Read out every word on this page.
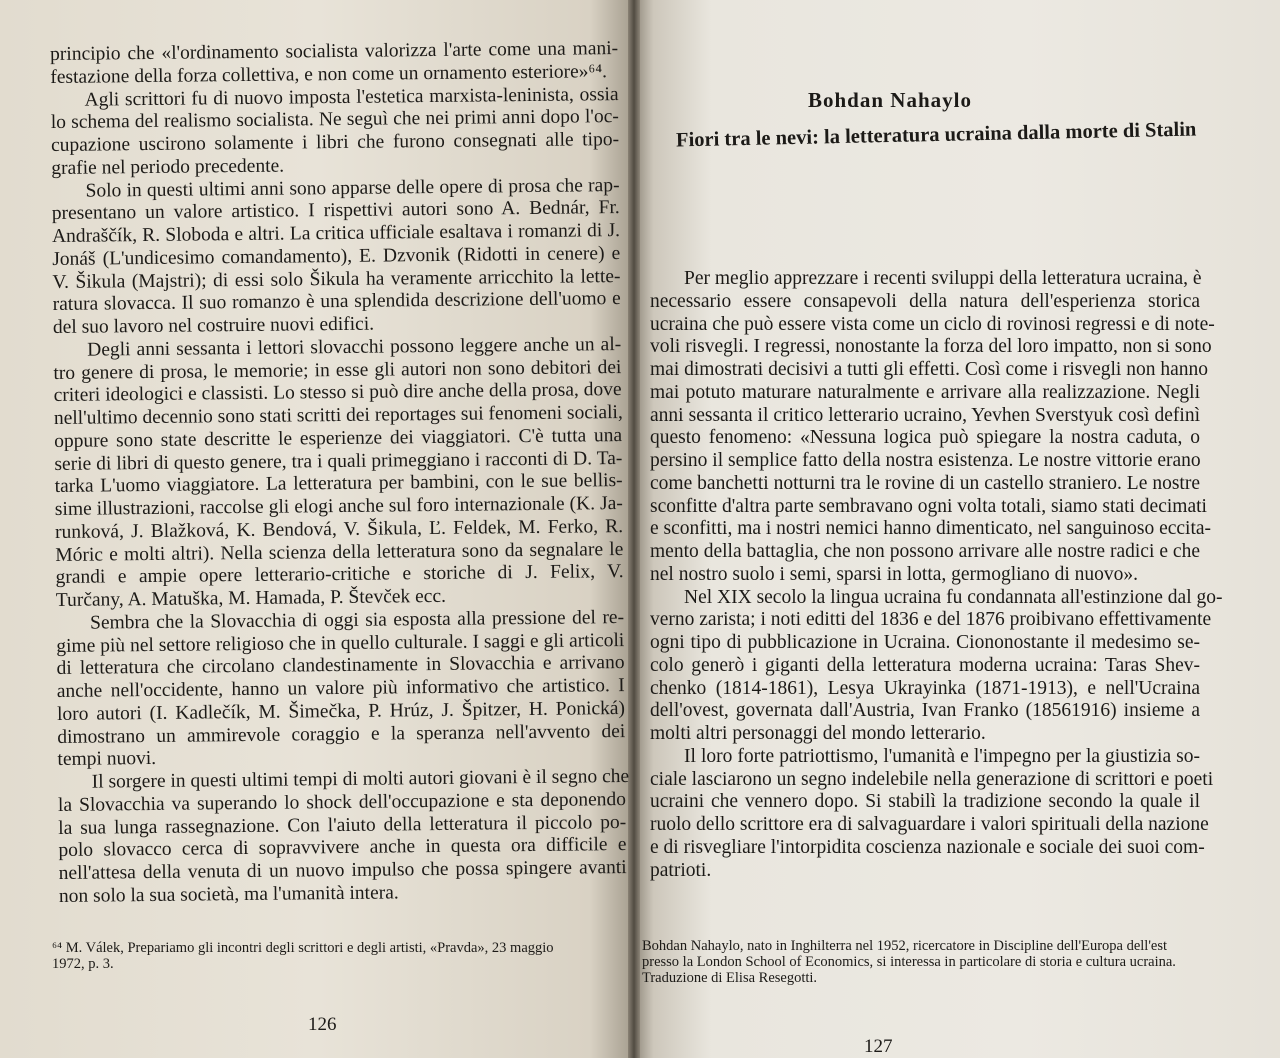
principio che «l'ordinamento socialista valorizza l'arte come una mani-
festazione della forza collettiva, e non come un ornamento esteriore»⁶⁴.
Agli scrittori fu di nuovo imposta l'estetica marxista-leninista, ossia
lo schema del realismo socialista. Ne seguì che nei primi anni dopo l'oc-
cupazione uscirono solamente i libri che furono consegnati alle tipo-
grafie nel periodo precedente.
Solo in questi ultimi anni sono apparse delle opere di prosa che rap-
presentano un valore artistico. I rispettivi autori sono A. Bednár, Fr.
Andraščík, R. Sloboda e altri. La critica ufficiale esaltava i romanzi di J.
Jonáš (L'undicesimo comandamento), E. Dzvonik (Ridotti in cenere) e
V. Šikula (Majstri); di essi solo Šikula ha veramente arricchito la lette-
ratura slovacca. Il suo romanzo è una splendida descrizione dell'uomo e
del suo lavoro nel costruire nuovi edifici.
Degli anni sessanta i lettori slovacchi possono leggere anche un al-
tro genere di prosa, le memorie; in esse gli autori non sono debitori dei
criteri ideologici e classisti. Lo stesso si può dire anche della prosa, dove
nell'ultimo decennio sono stati scritti dei reportages sui fenomeni sociali,
oppure sono state descritte le esperienze dei viaggiatori. C'è tutta una
serie di libri di questo genere, tra i quali primeggiano i racconti di D. Ta-
tarka L'uomo viaggiatore. La letteratura per bambini, con le sue bellis-
sime illustrazioni, raccolse gli elogi anche sul foro internazionale (K. Ja-
runková, J. Blažková, K. Bendová, V. Šikula, Ľ. Feldek, M. Ferko, R.
Móric e molti altri). Nella scienza della letteratura sono da segnalare le
grandi e ampie opere letterario-critiche e storiche di J. Felix, V.
Turčany, A. Matuška, M. Hamada, P. Števček ecc.
Sembra che la Slovacchia di oggi sia esposta alla pressione del re-
gime più nel settore religioso che in quello culturale. I saggi e gli articoli
di letteratura che circolano clandestinamente in Slovacchia e arrivano
anche nell'occidente, hanno un valore più informativo che artistico. I
loro autori (I. Kadlečík, M. Šimečka, P. Hrúz, J. Špitzer, H. Ponická)
dimostrano un ammirevole coraggio e la speranza nell'avvento dei
tempi nuovi.
Il sorgere in questi ultimi tempi di molti autori giovani è il segno che
la Slovacchia va superando lo shock dell'occupazione e sta deponendo
la sua lunga rassegnazione. Con l'aiuto della letteratura il piccolo po-
polo slovacco cerca di sopravvivere anche in questa ora difficile e
nell'attesa della venuta di un nuovo impulso che possa spingere avanti
non solo la sua società, ma l'umanità intera.
⁶⁴ M. Válek, Prepariamo gli incontri degli scrittori e degli artisti, «Pravda», 23 maggio
1972, p. 3.
126
Bohdan Nahaylo
Fiori tra le nevi: la letteratura ucraina dalla morte di Stalin
Per meglio apprezzare i recenti sviluppi della letteratura ucraina, è
necessario essere consapevoli della natura dell'esperienza storica
ucraina che può essere vista come un ciclo di rovinosi regressi e di note-
voli risvegli. I regressi, nonostante la forza del loro impatto, non si sono
mai dimostrati decisivi a tutti gli effetti. Così come i risvegli non hanno
mai potuto maturare naturalmente e arrivare alla realizzazione. Negli
anni sessanta il critico letterario ucraino, Yevhen Sverstyuk così definì
questo fenomeno: «Nessuna logica può spiegare la nostra caduta, o
persino il semplice fatto della nostra esistenza. Le nostre vittorie erano
come banchetti notturni tra le rovine di un castello straniero. Le nostre
sconfitte d'altra parte sembravano ogni volta totali, siamo stati decimati
e sconfitti, ma i nostri nemici hanno dimenticato, nel sanguinoso eccita-
mento della battaglia, che non possono arrivare alle nostre radici e che
nel nostro suolo i semi, sparsi in lotta, germogliano di nuovo».
Nel XIX secolo la lingua ucraina fu condannata all'estinzione dal go-
verno zarista; i noti editti del 1836 e del 1876 proibivano effettivamente
ogni tipo di pubblicazione in Ucraina. Ciononostante il medesimo se-
colo generò i giganti della letteratura moderna ucraina: Taras Shev-
chenko (1814-1861), Lesya Ukrayinka (1871-1913), e nell'Ucraina
dell'ovest, governata dall'Austria, Ivan Franko (18561916) insieme a
molti altri personaggi del mondo letterario.
Il loro forte patriottismo, l'umanità e l'impegno per la giustizia so-
ciale lasciarono un segno indelebile nella generazione di scrittori e poeti
ucraini che vennero dopo. Si stabilì la tradizione secondo la quale il
ruolo dello scrittore era di salvaguardare i valori spirituali della nazione
e di risvegliare l'intorpidita coscienza nazionale e sociale dei suoi com-
patrioti.
Bohdan Nahaylo, nato in Inghilterra nel 1952, ricercatore in Discipline dell'Europa dell'est
presso la London School of Economics, si interessa in particolare di storia e cultura ucraina.
Traduzione di Elisa Resegotti.
127
